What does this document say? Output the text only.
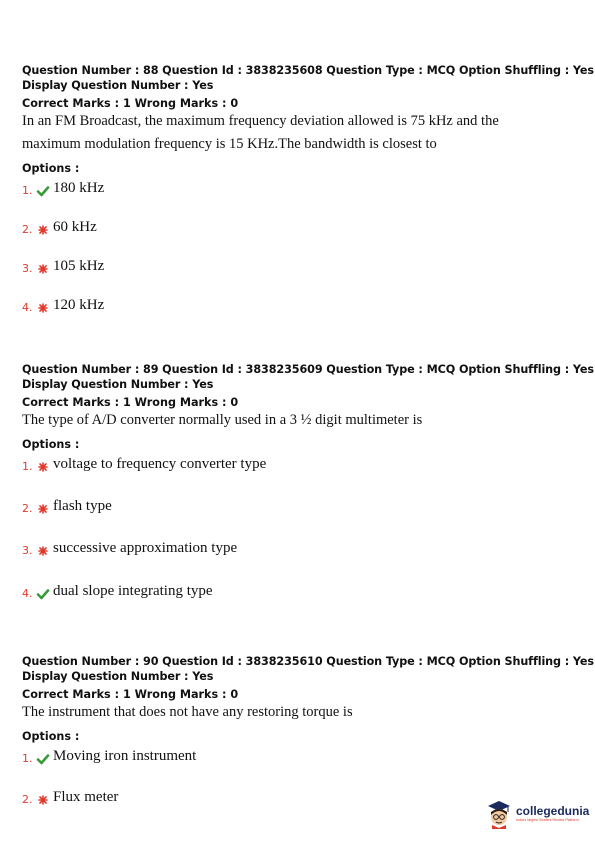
Question Number : 88 Question Id : 3838235608 Question Type : MCQ Option Shuffling : Yes
Display Question Number : Yes
Correct Marks : 1 Wrong Marks : 0
In an FM Broadcast, the maximum frequency deviation allowed is 75 kHz and the
maximum modulation frequency is 15 KHz.The bandwidth is closest to
Options :
1. 180 kHz
2. 60 kHz
3. 105 kHz
4. 120 kHz
Question Number : 89 Question Id : 3838235609 Question Type : MCQ Option Shuffling : Yes
Display Question Number : Yes
Correct Marks : 1 Wrong Marks : 0
The type of A/D converter normally used in a 3 ½ digit multimeter is
Options :
1. voltage to frequency converter type
2. flash type
3. successive approximation type
4. dual slope integrating type
Question Number : 90 Question Id : 3838235610 Question Type : MCQ Option Shuffling : Yes
Display Question Number : Yes
Correct Marks : 1 Wrong Marks : 0
The instrument that does not have any restoring torque is
Options :
1. Moving iron instrument
2. Flux meter
collegedunia
India's largest Student Review Platform
